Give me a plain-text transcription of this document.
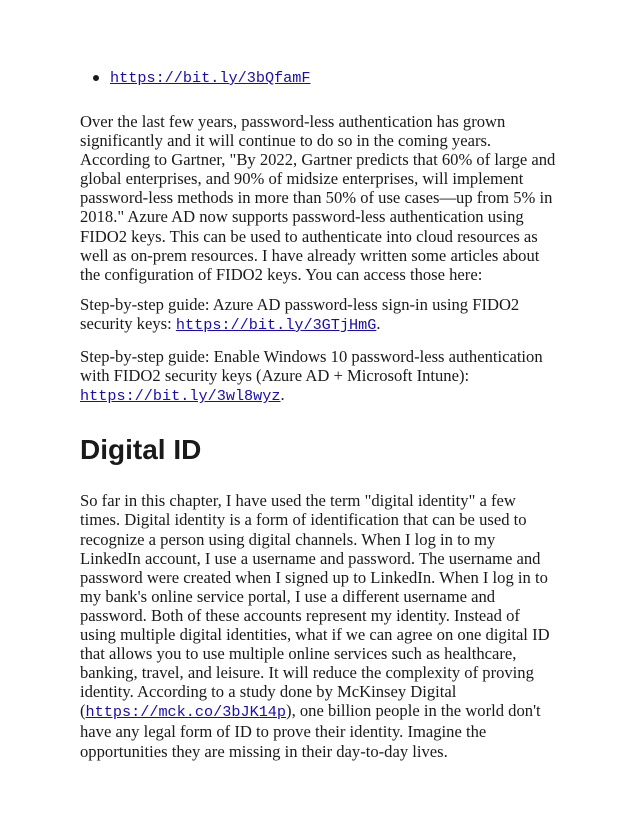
https://bit.ly/3bQfamF

Over the last few years, password-less authentication has grown significantly and it will continue to do so in the coming years. According to Gartner, "By 2022, Gartner predicts that 60% of large and global enterprises, and 90% of midsize enterprises, will implement password-less methods in more than 50% of use cases—up from 5% in 2018." Azure AD now supports password-less authentication using FIDO2 keys. This can be used to authenticate into cloud resources as well as on-prem resources. I have already written some articles about the configuration of FIDO2 keys. You can access those here:

Step-by-step guide: Azure AD password-less sign-in using FIDO2 security keys: https://bit.ly/3GTjHmG.

Step-by-step guide: Enable Windows 10 password-less authentication with FIDO2 security keys (Azure AD + Microsoft Intune): https://bit.ly/3wl8wyz.

Digital ID

So far in this chapter, I have used the term "digital identity" a few times. Digital identity is a form of identification that can be used to recognize a person using digital channels. When I log in to my LinkedIn account, I use a username and password. The username and password were created when I signed up to LinkedIn. When I log in to my bank's online service portal, I use a different username and password. Both of these accounts represent my identity. Instead of using multiple digital identities, what if we can agree on one digital ID that allows you to use multiple online services such as healthcare, banking, travel, and leisure. It will reduce the complexity of proving identity. According to a study done by McKinsey Digital (https://mck.co/3bJK14p), one billion people in the world don't have any legal form of ID to prove their identity. Imagine the opportunities they are missing in their day-to-day lives.
